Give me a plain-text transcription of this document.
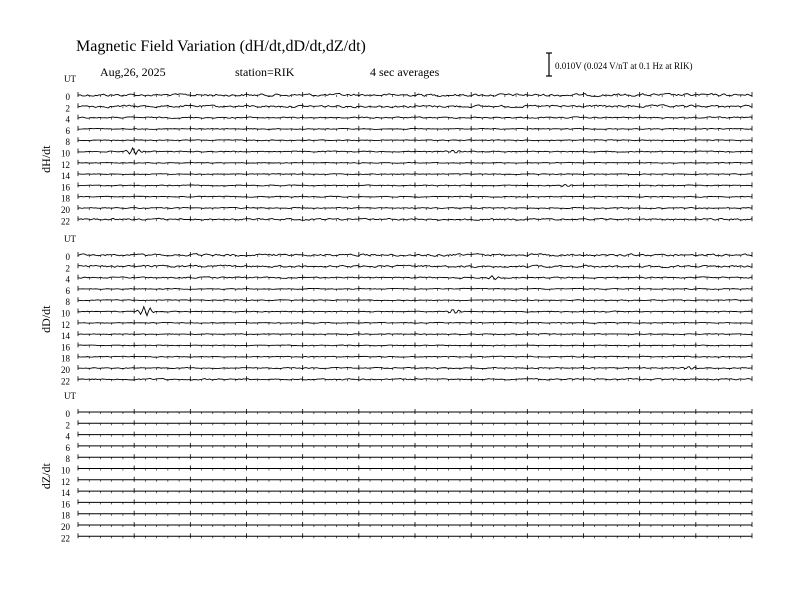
Magnetic Field Variation (dH/dt,dD/dt,dZ/dt)
Aug,26, 2025	station=RIK	4 sec averages	0.010V (0.024 V/nT at 0.1 Hz at RIK)
UT
dH/dt
0
2
4
6
8
10
12
14
16
18
20
22
UT
dD/dt
0
2
4
6
8
10
12
14
16
18
20
22
UT
dZ/dt
0
2
4
6
8
10
12
14
16
18
20
22
